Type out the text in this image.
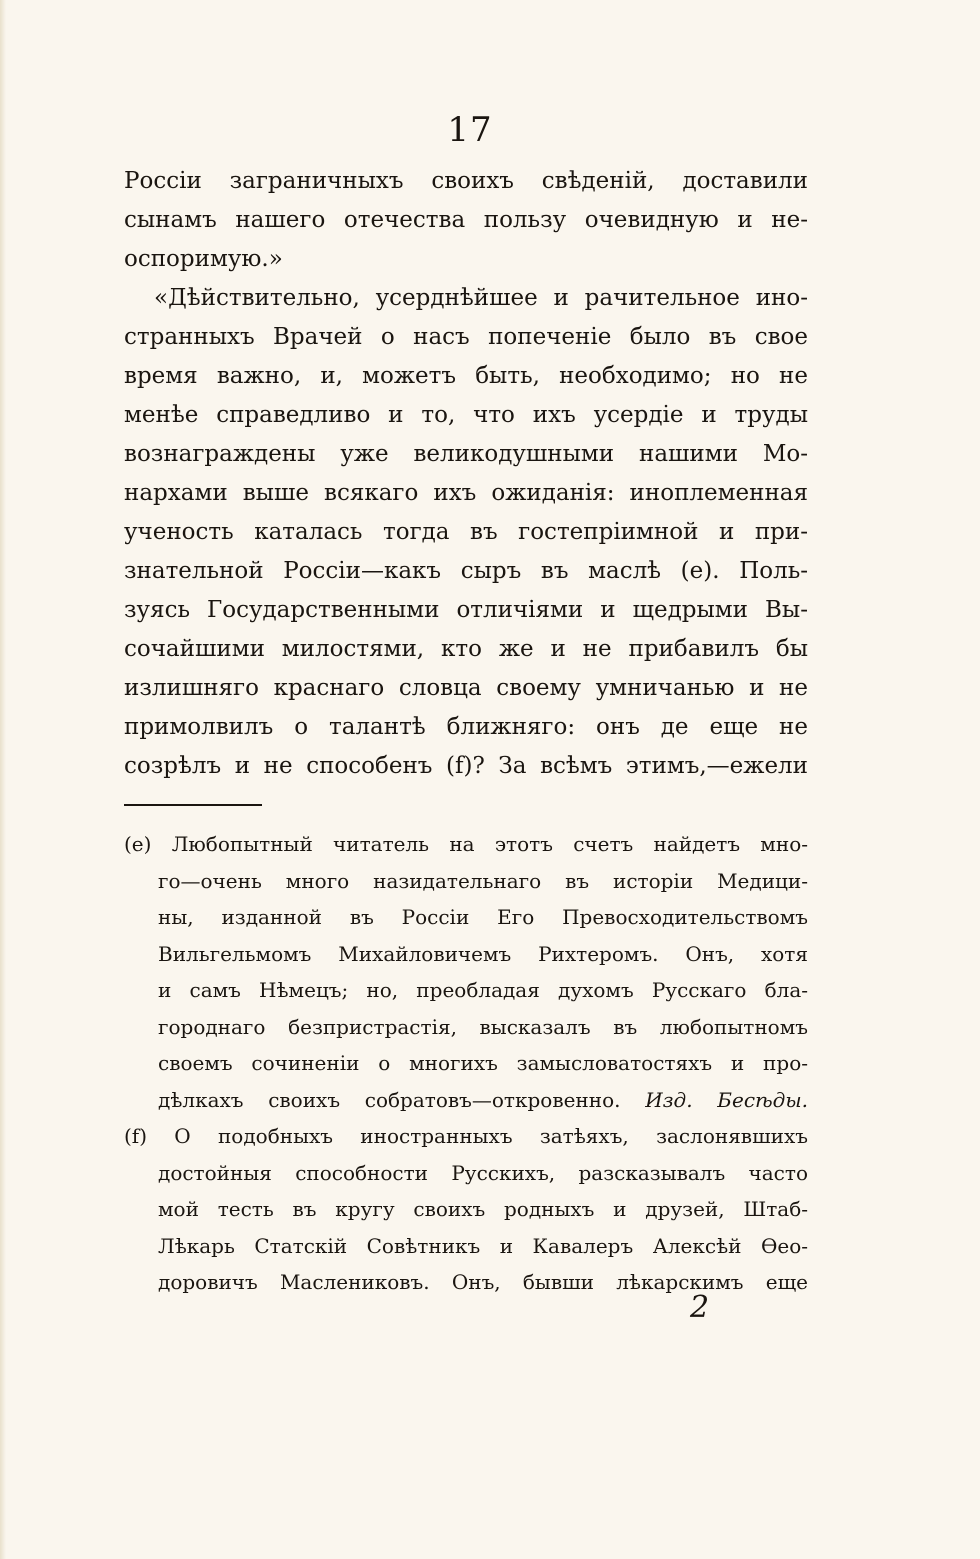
17
Россіи заграничныхъ своихъ свѣденій, доставили
сынамъ нашего отечества пользу очевидную и не-
оспоримую.»
«Дѣйствительно, усерднѣйшее и рачительное ино-
странныхъ Врачей о насъ попеченіе было въ свое
время важно, и, можетъ быть, необходимо; но не
менѣе справедливо и то, что ихъ усердіе и труды
вознаграждены уже великодушными нашими Мо-
нархами выше всякаго ихъ ожиданія: иноплеменная
ученость каталась тогда въ гостепріимной и при-
знательной Россіи—какъ сыръ въ маслѣ (е). Поль-
зуясь Государственными отличіями и щедрыми Вы-
сочайшими милостями, кто же и не прибавилъ бы
излишняго краснаго словца своему умничанью и не
примолвилъ о талантѣ ближняго: онъ де еще не
созрѣлъ и не способенъ (f)? За всѣмъ этимъ,—ежели
(е) Любопытный читатель на этотъ счетъ найдетъ мно-
го—очень много назидательнаго въ исторіи Медици-
ны, изданной въ Россіи Его Превосходительствомъ
Вильгельмомъ Михайловичемъ Рихтеромъ. Онъ, хотя
и самъ Нѣмецъ; но, преобладая духомъ Русскаго бла-
городнаго безпристрастія, высказалъ въ любопытномъ
своемъ сочиненіи о многихъ замысловатостяхъ и про-
дѣлкахъ своихъ собратовъ—откровенно. Изд. Бесѣды.
(f) О подобныхъ иностранныхъ затѣяхъ, заслонявшихъ
достойныя способности Русскихъ, разсказывалъ часто
мой тесть въ кругу своихъ родныхъ и друзей, Штаб-
Лѣкарь Статскій Совѣтникъ и Кавалеръ Алексѣй Ѳео-
доровичъ Маслениковъ. Онъ, бывши лѣкарскимъ еще
2
